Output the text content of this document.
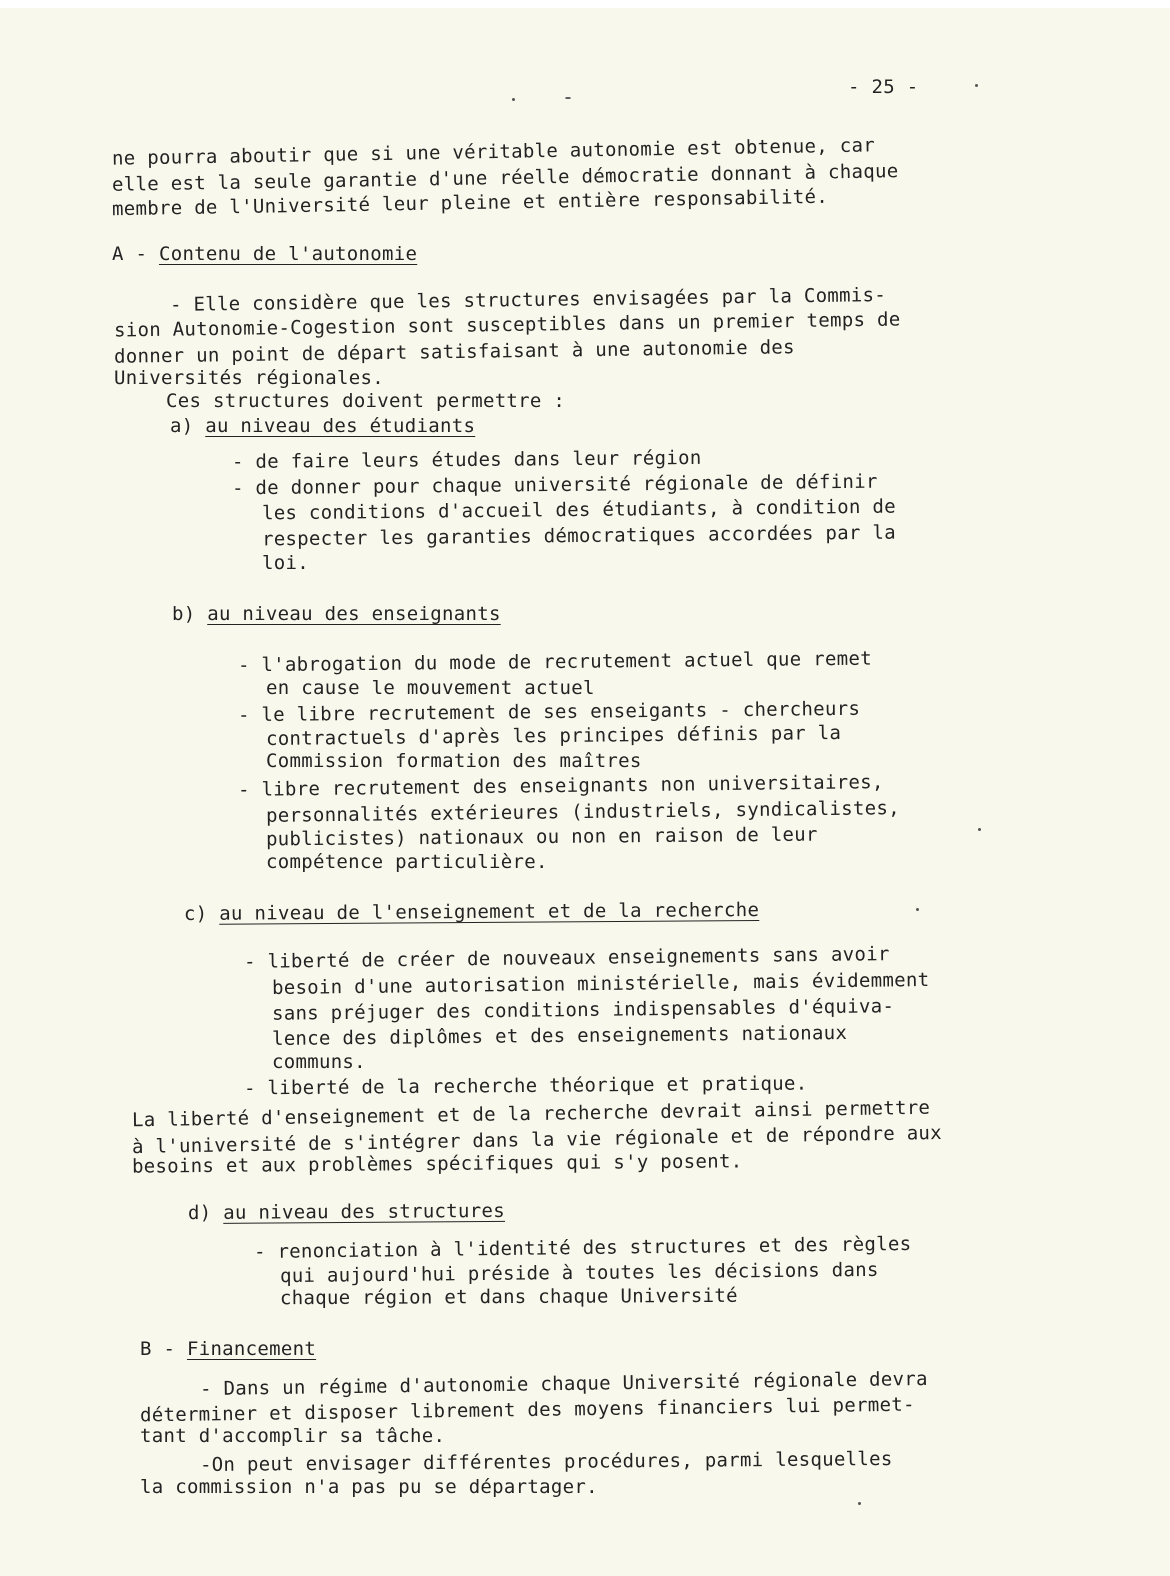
- 25 -
ne pourra aboutir que si une véritable autonomie est obtenue, car
elle est la seule garantie d'une réelle démocratie donnant à chaque
membre de l'Université leur pleine et entière responsabilité.
A - Contenu de l'autonomie
- Elle considère que les structures envisagées par la Commis-
sion Autonomie-Cogestion sont susceptibles dans un premier temps de
donner un point de départ satisfaisant à une autonomie des
Universités régionales.
Ces structures doivent permettre :
a) au niveau des étudiants
- de faire leurs études dans leur région
- de donner pour chaque université régionale de définir
les conditions d'accueil des étudiants, à condition de
respecter les garanties démocratiques accordées par la
loi.
b) au niveau des enseignants
- l'abrogation du mode de recrutement actuel que remet
en cause le mouvement actuel
- le libre recrutement de ses enseigants - chercheurs
contractuels d'après les principes définis par la
Commission formation des maîtres
- libre recrutement des enseignants non universitaires,
personnalités extérieures (industriels, syndicalistes,
publicistes) nationaux ou non en raison de leur
compétence particulière.
c) au niveau de l'enseignement et de la recherche
- liberté de créer de nouveaux enseignements sans avoir
besoin d'une autorisation ministérielle, mais évidemment
sans préjuger des conditions indispensables d'équiva-
lence des diplômes et des enseignements nationaux
communs.
- liberté de la recherche théorique et pratique.
La liberté d'enseignement et de la recherche devrait ainsi permettre
à l'université de s'intégrer dans la vie régionale et de répondre aux
besoins et aux problèmes spécifiques qui s'y posent.
d) au niveau des structures
- renonciation à l'identité des structures et des règles
qui aujourd'hui préside à toutes les décisions dans
chaque région et dans chaque Université
B - Financement
- Dans un régime d'autonomie chaque Université régionale devra
déterminer et disposer librement des moyens financiers lui permet-
tant d'accomplir sa tâche.
-On peut envisager différentes procédures, parmi lesquelles
la commission n'a pas pu se départager.
